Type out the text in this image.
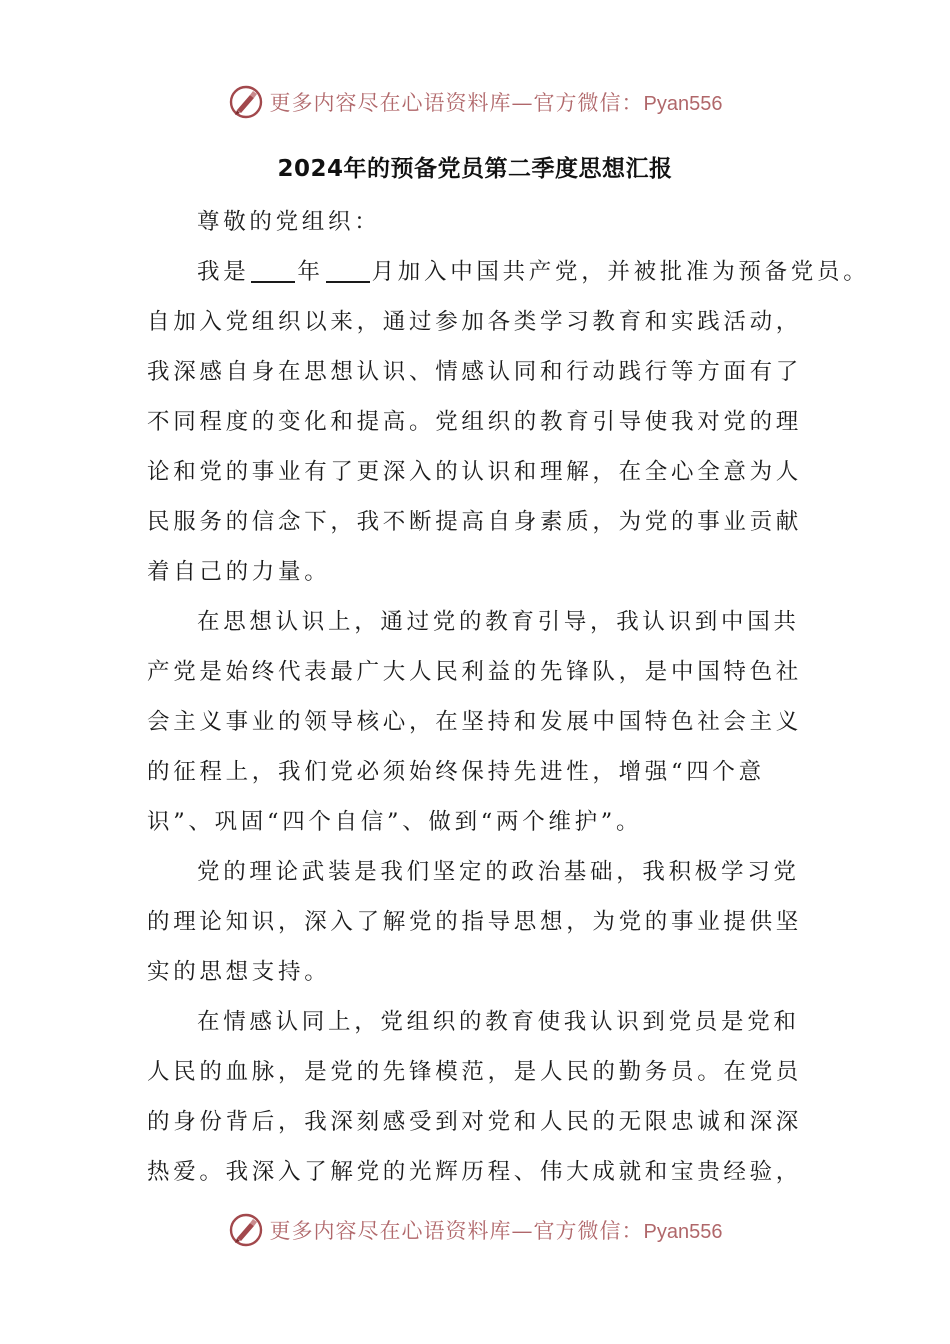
更多内容尽在心语资料库—官方微信：Pyan556
2024年的预备党员第二季度思想汇报
尊敬的党组织：
我是 年 月加入中国共产党，并被批准为预备党员。
自加入党组织以来，通过参加各类学习教育和实践活动，
我深感自身在思想认识、情感认同和行动践行等方面有了
不同程度的变化和提高。党组织的教育引导使我对党的理
论和党的事业有了更深入的认识和理解，在全心全意为人
民服务的信念下，我不断提高自身素质，为党的事业贡献
着自己的力量。
在思想认识上，通过党的教育引导，我认识到中国共
产党是始终代表最广大人民利益的先锋队，是中国特色社
会主义事业的领导核心，在坚持和发展中国特色社会主义
的征程上，我们党必须始终保持先进性，增强“四个意
识”、巩固“四个自信”、做到“两个维护”。
党的理论武装是我们坚定的政治基础，我积极学习党
的理论知识，深入了解党的指导思想，为党的事业提供坚
实的思想支持。
在情感认同上，党组织的教育使我认识到党员是党和
人民的血脉，是党的先锋模范，是人民的勤务员。在党员
的身份背后，我深刻感受到对党和人民的无限忠诚和深深
热爱。我深入了解党的光辉历程、伟大成就和宝贵经验，
更多内容尽在心语资料库—官方微信：Pyan556
